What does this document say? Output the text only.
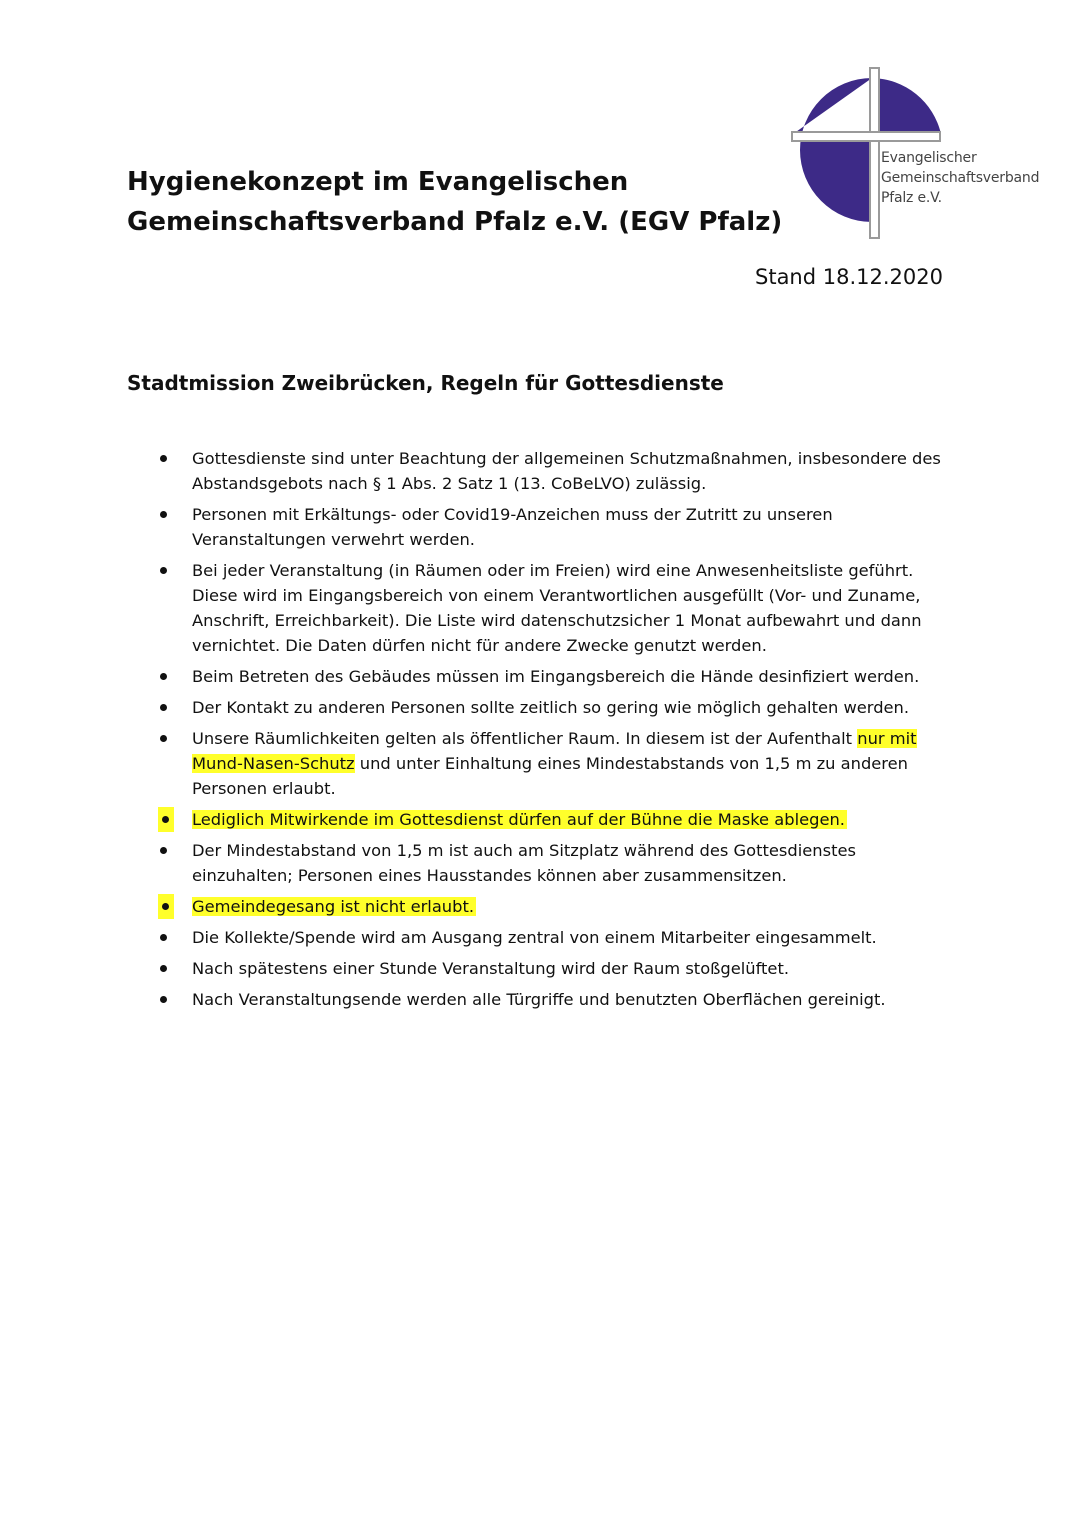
Hygienekonzept im Evangelischen
Gemeinschaftsverband Pfalz e.V. (EGV Pfalz)
Evangelischer
Gemeinschaftsverband
Pfalz e.V.
Stand 18.12.2020
Stadtmission Zweibrücken, Regeln für Gottesdienste
Gottesdienste sind unter Beachtung der allgemeinen Schutzmaßnahmen, insbesondere des Abstandsgebots nach § 1 Abs. 2 Satz 1 (13. CoBeLVO) zulässig.
Personen mit Erkältungs- oder Covid19-Anzeichen muss der Zutritt zu unseren Veranstaltungen verwehrt werden.
Bei jeder Veranstaltung (in Räumen oder im Freien) wird eine Anwesenheitsliste geführt. Diese wird im Eingangsbereich von einem Verantwortlichen ausgefüllt (Vor- und Zuname, Anschrift, Erreichbarkeit). Die Liste wird datenschutzsicher 1 Monat aufbewahrt und dann vernichtet. Die Daten dürfen nicht für andere Zwecke genutzt werden.
Beim Betreten des Gebäudes müssen im Eingangsbereich die Hände desinfiziert werden.
Der Kontakt zu anderen Personen sollte zeitlich so gering wie möglich gehalten werden.
Unsere Räumlichkeiten gelten als öffentlicher Raum. In diesem ist der Aufenthalt nur mit Mund-Nasen-Schutz und unter Einhaltung eines Mindestabstands von 1,5 m zu anderen Personen erlaubt.
Lediglich Mitwirkende im Gottesdienst dürfen auf der Bühne die Maske ablegen.
Der Mindestabstand von 1,5 m ist auch am Sitzplatz während des Gottesdienstes einzuhalten; Personen eines Hausstandes können aber zusammensitzen.
Gemeindegesang ist nicht erlaubt.
Die Kollekte/Spende wird am Ausgang zentral von einem Mitarbeiter eingesammelt.
Nach spätestens einer Stunde Veranstaltung wird der Raum stoßgelüftet.
Nach Veranstaltungsende werden alle Türgriffe und benutzten Oberflächen gereinigt.
